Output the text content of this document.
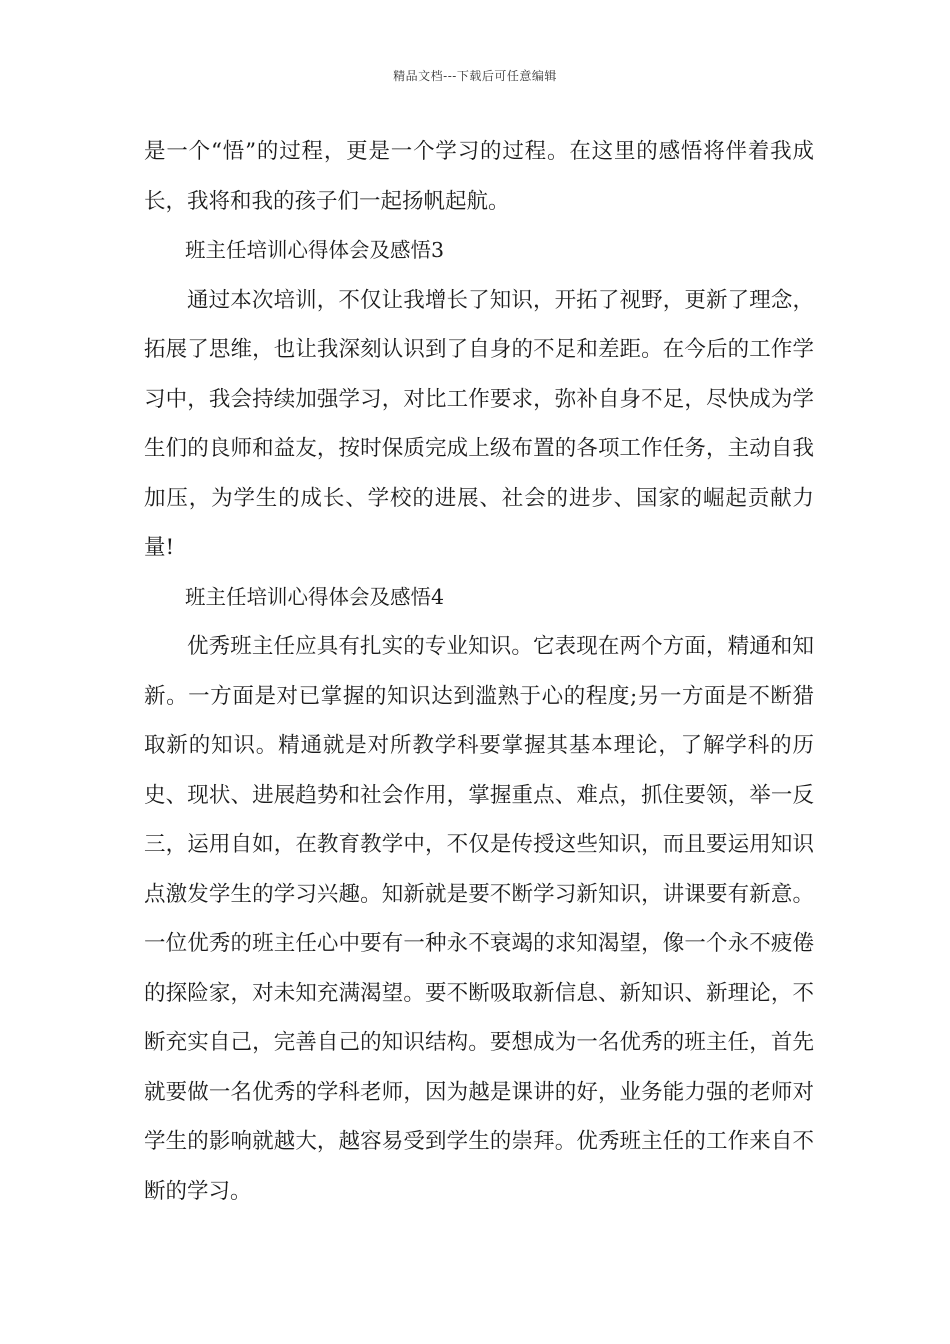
精品文档---下载后可任意编辑

是一个“悟”的过程，更是一个学习的过程。在这里的感悟将伴着我成长，我将和我的孩子们一起扬帆起航。

班主任培训心得体会及感悟3

通过本次培训，不仅让我增长了知识，开拓了视野，更新了理念，拓展了思维，也让我深刻认识到了自身的不足和差距。在今后的工作学习中，我会持续加强学习，对比工作要求，弥补自身不足，尽快成为学生们的良师和益友，按时保质完成上级布置的各项工作任务，主动自我加压，为学生的成长、学校的进展、社会的进步、国家的崛起贡献力量!

班主任培训心得体会及感悟4

优秀班主任应具有扎实的专业知识。它表现在两个方面，精通和知新。一方面是对已掌握的知识达到滥熟于心的程度;另一方面是不断猎取新的知识。精通就是对所教学科要掌握其基本理论，了解学科的历史、现状、进展趋势和社会作用，掌握重点、难点，抓住要领，举一反三，运用自如，在教育教学中，不仅是传授这些知识，而且要运用知识点激发学生的学习兴趣。知新就是要不断学习新知识，讲课要有新意。一位优秀的班主任心中要有一种永不衰竭的求知渴望，像一个永不疲倦的探险家，对未知充满渴望。要不断吸取新信息、新知识、新理论，不断充实自己，完善自己的知识结构。要想成为一名优秀的班主任，首先就要做一名优秀的学科老师，因为越是课讲的好，业务能力强的老师对学生的影响就越大，越容易受到学生的崇拜。优秀班主任的工作来自不断的学习。
